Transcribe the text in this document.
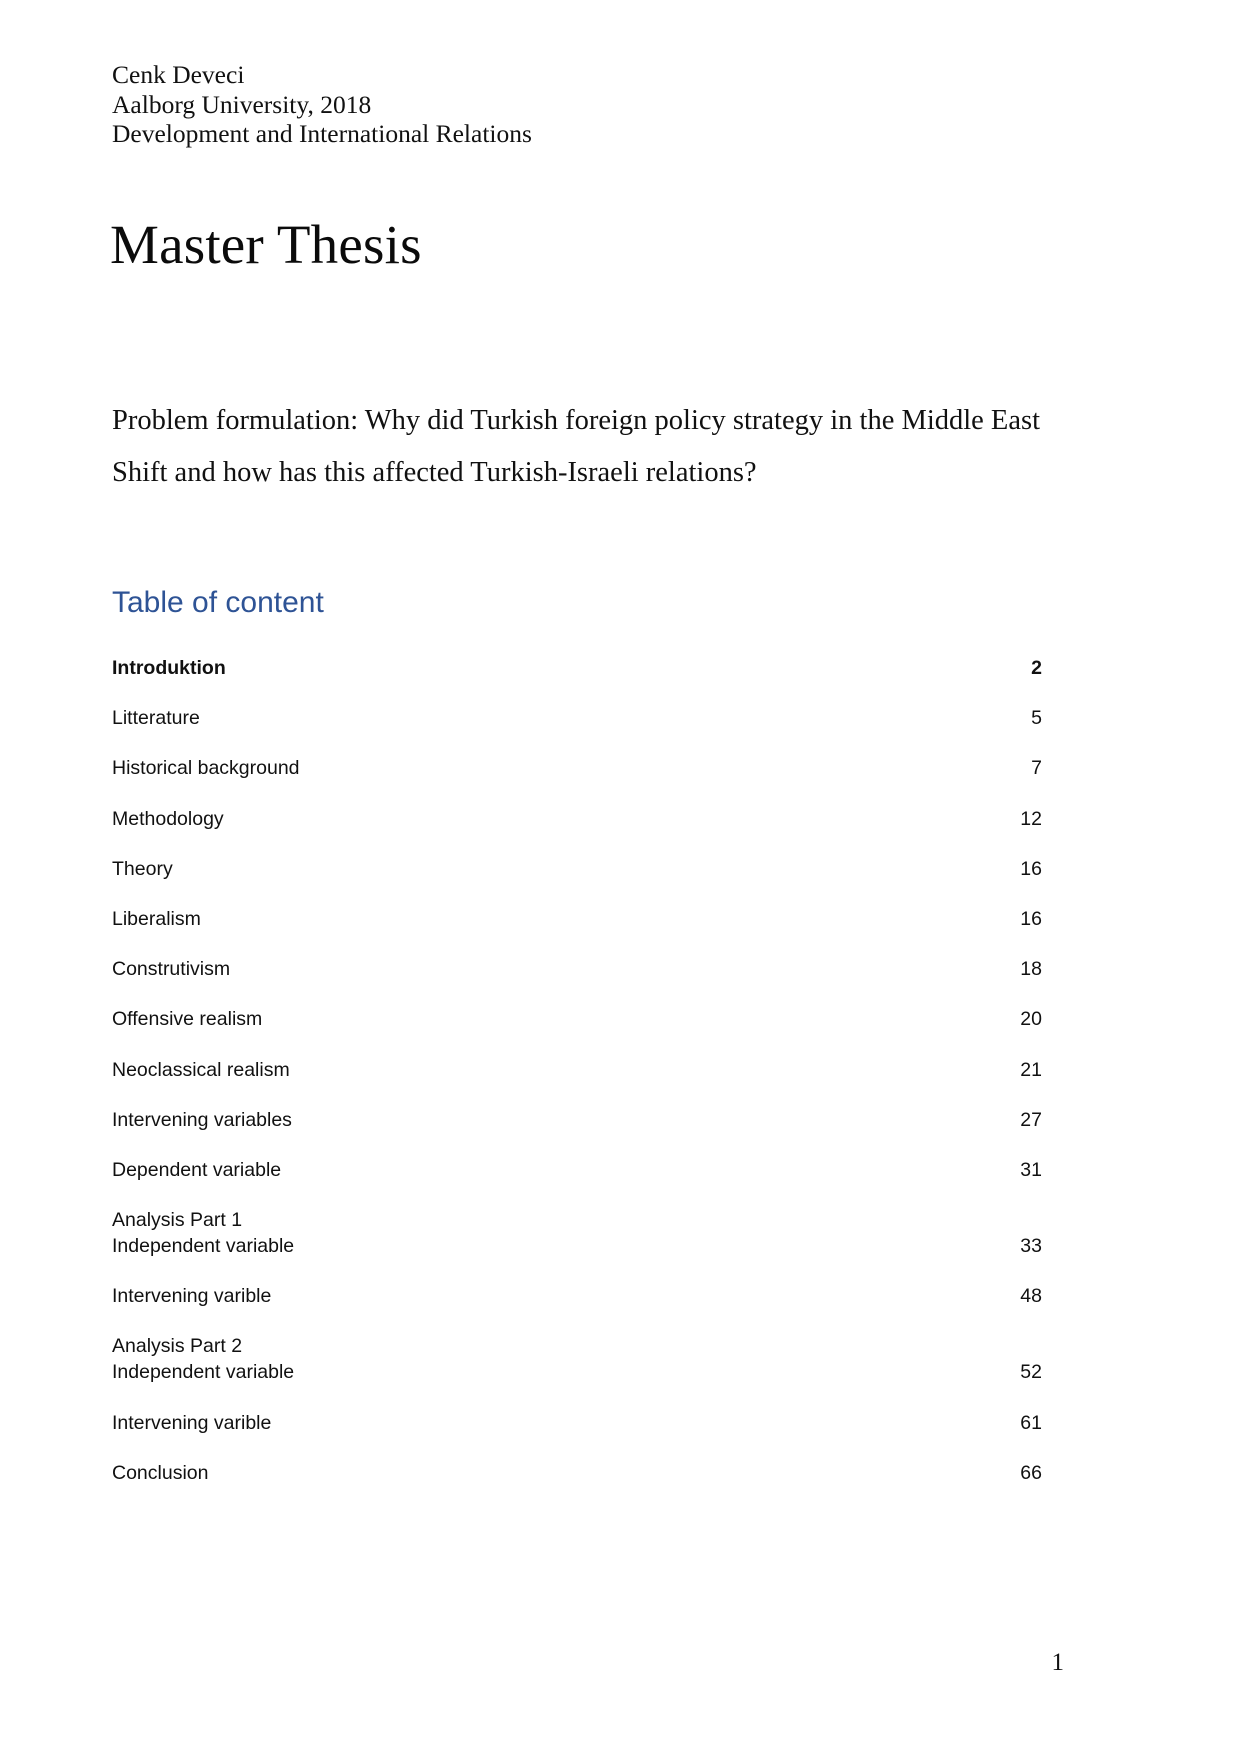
Cenk Deveci
Aalborg University, 2018
Development and International Relations
Master Thesis
Problem formulation: Why did Turkish foreign policy strategy in the Middle East
Shift and how has this affected Turkish-Israeli relations?
Table of content
Introduktion	2
Litterature	5
Historical background	7
Methodology	12
Theory	16
Liberalism	16
Construtivism	18
Offensive realism	20
Neoclassical realism	21
Intervening variables	27
Dependent variable	31
Analysis Part 1
Independent variable	33
Intervening varible	48
Analysis Part 2
Independent variable	52
Intervening varible	61
Conclusion	66
1
